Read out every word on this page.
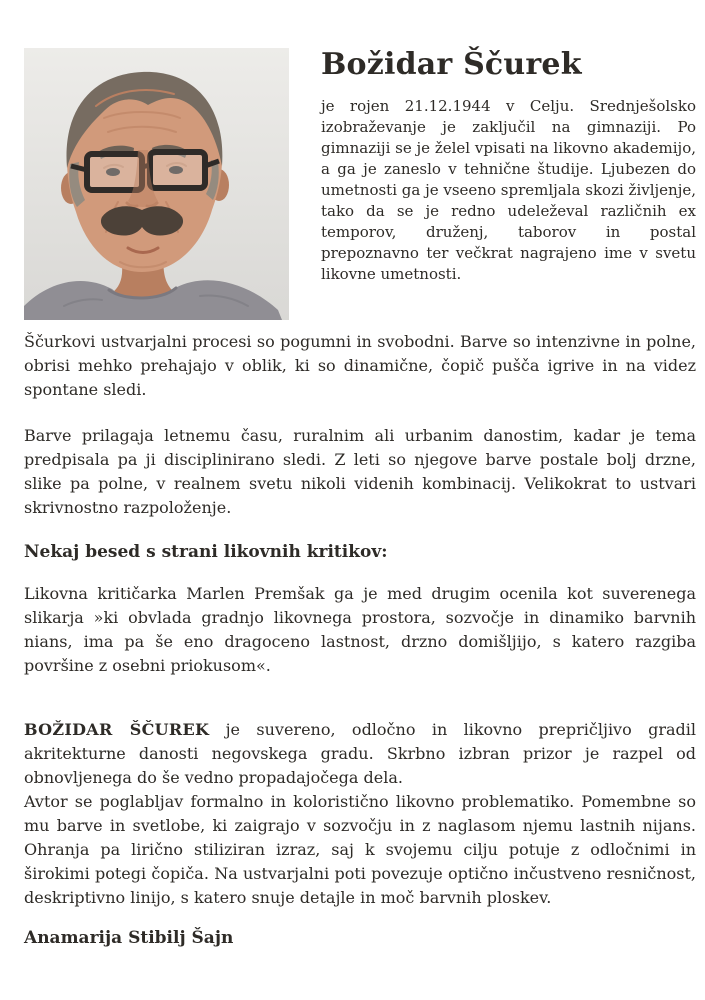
Božidar Ščurek

je rojen 21.12.1944 v Celju. Srednješolsko izobraževanje je zaključil na gimnaziji. Po gimnaziji se je želel vpisati na likovno akademijo, a ga je zaneslo v tehnične študije. Ljubezen do umetnosti ga je vseeno spremljala skozi življenje, tako da se je redno udeleževal različnih ex temporov, druženj, taborov in postal prepoznavno ter večkrat nagrajeno ime v svetu likovne umetnosti.

Ščurkovi ustvarjalni procesi so pogumni in svobodni. Barve so intenzivne in polne, obrisi mehko prehajajo v oblik, ki so dinamične, čopič pušča igrive in na videz spontane sledi.

Barve prilagaja letnemu času, ruralnim ali urbanim danostim, kadar je tema predpisala pa ji disciplinirano sledi. Z leti so njegove barve postale bolj drzne, slike pa polne, v realnem svetu nikoli videnih kombinacij. Velikokrat to ustvari skrivnostno razpoloženje.

Nekaj besed s strani likovnih kritikov:

Likovna kritičarka Marlen Premšak ga je med drugim ocenila kot suverenega slikarja »ki obvlada gradnjo likovnega prostora, sozvočje in dinamiko barvnih nians, ima pa še eno dragoceno lastnost, drzno domišljijo, s katero razgiba površine z osebni priokusom«.

BOŽIDAR ŠČUREK je suvereno, odločno in likovno prepričljivo gradil akritekturne danosti negovskega gradu. Skrbno izbran prizor je razpel od obnovljenega do še vedno propadajočega dela.

Avtor se poglabljav formalno in koloristično likovno problematiko. Pomembne so mu barve in svetlobe, ki zaigrajo v sozvočju in z naglasom njemu lastnih nijans. Ohranja pa lirično stiliziran izraz, saj k svojemu cilju potuje z odločnimi in širokimi potegi čopiča. Na ustvarjalni poti povezuje optično inčustveno resničnost, deskriptivno linijo, s katero snuje detajle in moč barvnih ploskev.

Anamarija Stibilj Šajn
